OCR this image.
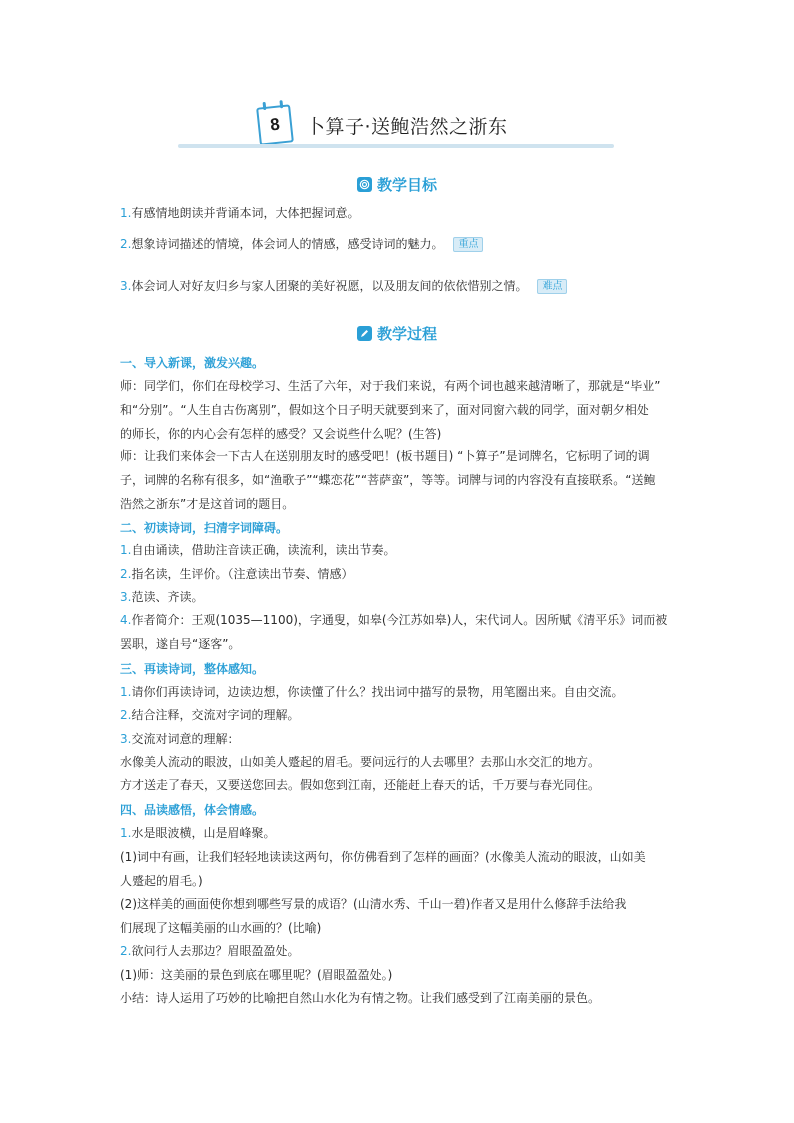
8 卜算子·送鲍浩然之浙东
教学目标
1.有感情地朗读并背诵本词，大体把握词意。
2.想象诗词描述的情境，体会词人的情感，感受诗词的魅力。 重点
3.体会词人对好友归乡与家人团聚的美好祝愿，以及朋友间的依依惜别之情。 难点
教学过程
一、导入新课，激发兴趣。
师：同学们，你们在母校学习、生活了六年，对于我们来说，有两个词也越来越清晰了，那就是“毕业”
和“分别”。“人生自古伤离别”，假如这个日子明天就要到来了，面对同窗六载的同学，面对朝夕相处
的师长，你的内心会有怎样的感受？又会说些什么呢？(生答)
师：让我们来体会一下古人在送别朋友时的感受吧！(板书题目) “卜算子”是词牌名，它标明了词的调
子，词牌的名称有很多，如“渔歌子”“蝶恋花”“菩萨蛮”，等等。词牌与词的内容没有直接联系。“送鲍
浩然之浙东”才是这首词的题目。
二、初读诗词，扫清字词障碍。
1.自由诵读，借助注音读正确，读流利，读出节奏。
2.指名读，生评价。（注意读出节奏、情感）
3.范读、齐读。
4.作者简介：王观(1035—1100)，字通叟，如皋(今江苏如皋)人，宋代词人。因所赋《清平乐》词而被
罢职，遂自号“逐客”。
三、再读诗词，整体感知。
1.请你们再读诗词，边读边想，你读懂了什么？找出词中描写的景物，用笔圈出来。自由交流。
2.结合注释，交流对字词的理解。
3.交流对词意的理解：
水像美人流动的眼波，山如美人蹙起的眉毛。要问远行的人去哪里？去那山水交汇的地方。
方才送走了春天，又要送您回去。假如您到江南，还能赶上春天的话，千万要与春光同住。
四、品读感悟，体会情感。
1.水是眼波横，山是眉峰聚。
(1)词中有画，让我们轻轻地读读这两句，你仿佛看到了怎样的画面？(水像美人流动的眼波，山如美
人蹙起的眉毛。)
(2)这样美的画面使你想到哪些写景的成语？(山清水秀、千山一碧)作者又是用什么修辞手法给我
们展现了这幅美丽的山水画的？(比喻)
2.欲问行人去那边？眉眼盈盈处。
(1)师：这美丽的景色到底在哪里呢？(眉眼盈盈处。)
小结：诗人运用了巧妙的比喻把自然山水化为有情之物。让我们感受到了江南美丽的景色。
